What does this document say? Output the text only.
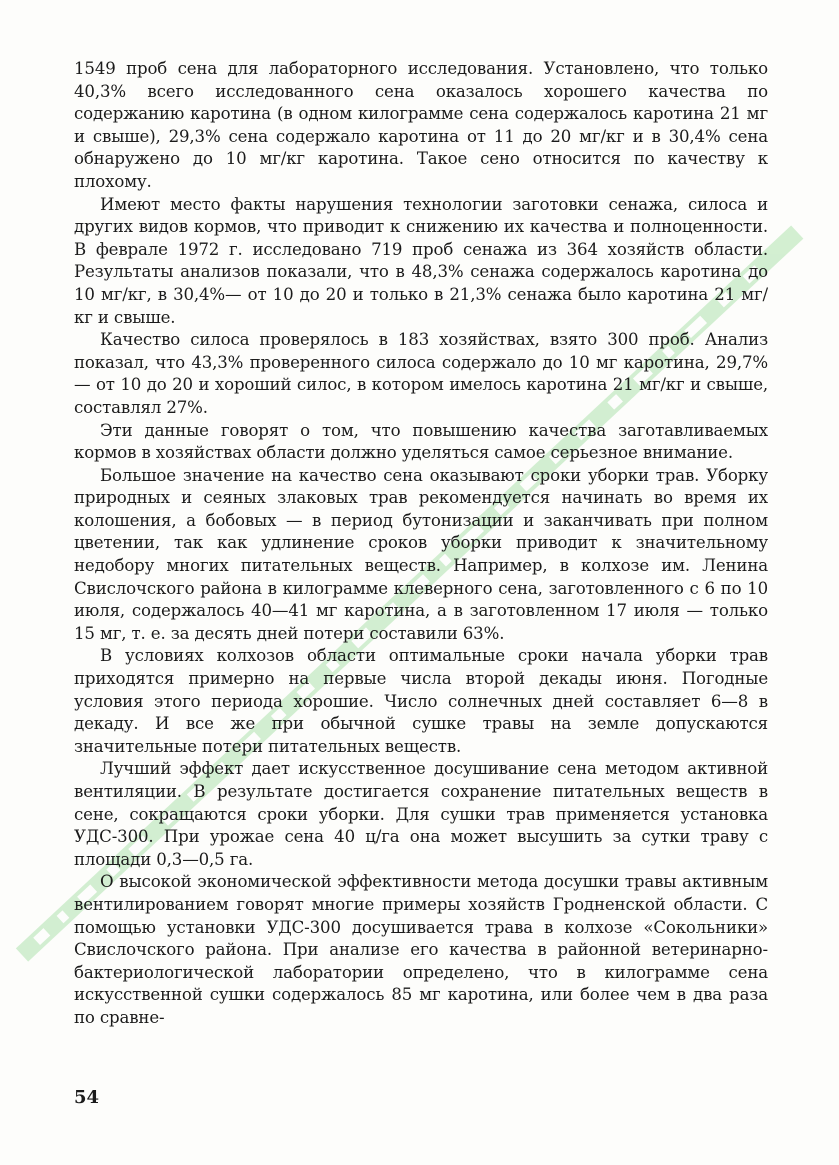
1549 проб сена для лабораторного исследования. Установлено, что только 40,3% всего исследованного сена оказалось хорошего качества по содержанию каротина (в одном килограмме сена содержалось каротина 21 мг и свыше), 29,3% сена содержало каротина от 11 до 20 мг/кг и в 30,4% сена обнаружено до 10 мг/кг каротина. Такое сено относится по качеству к плохому.

Имеют место факты нарушения технологии заготовки сенажа, силоса и других видов кормов, что приводит к снижению их качества и полноценности. В феврале 1972 г. исследовано 719 проб сенажа из 364 хозяйств области. Результаты анализов показали, что в 48,3% сенажа содержалось каротина до 10 мг/кг, в 30,4%— от 10 до 20 и только в 21,3% сенажа было каротина 21 мг/кг и свыше.

Качество силоса проверялось в 183 хозяйствах, взято 300 проб. Анализ показал, что 43,3% проверенного силоса содержало до 10 мг каротина, 29,7% — от 10 до 20 и хороший силос, в котором имелось каротина 21 мг/кг и свыше, составлял 27%.

Эти данные говорят о том, что повышению качества заготавливаемых кормов в хозяйствах области должно уделяться самое серьезное внимание.

Большое значение на качество сена оказывают сроки уборки трав. Уборку природных и сеяных злаковых трав рекомендуется начинать во время их колошения, а бобовых — в период бутонизации и заканчивать при полном цветении, так как удлинение сроков уборки приводит к значительному недобору многих питательных веществ. Например, в колхозе им. Ленина Свислочского района в килограмме клеверного сена, заготовленного с 6 по 10 июля, содержалось 40—41 мг каротина, а в заготовленном 17 июля — только 15 мг, т. е. за десять дней потери составили 63%.

В условиях колхозов области оптимальные сроки начала уборки трав приходятся примерно на первые числа второй декады июня. Погодные условия этого периода хорошие. Число солнечных дней составляет 6—8 в декаду. И все же при обычной сушке травы на земле допускаются значительные потери питательных веществ.

Лучший эффект дает искусственное досушивание сена методом активной вентиляции. В результате достигается сохранение питательных веществ в сене, сокращаются сроки уборки. Для сушки трав применяется установка УДС-300. При урожае сена 40 ц/га она может высушить за сутки траву с площади 0,3—0,5 га.

О высокой экономической эффективности метода досушки травы активным вентилированием говорят многие примеры хозяйств Гродненской области. С помощью установки УДС-300 досушивается трава в колхозе «Сокольники» Свислочского района. При анализе его качества в районной ветеринарно-бактериологической лаборатории определено, что в килограмме сена искусственной сушки содержалось 85 мг каротина, или более чем в два раза по сравне-

54
